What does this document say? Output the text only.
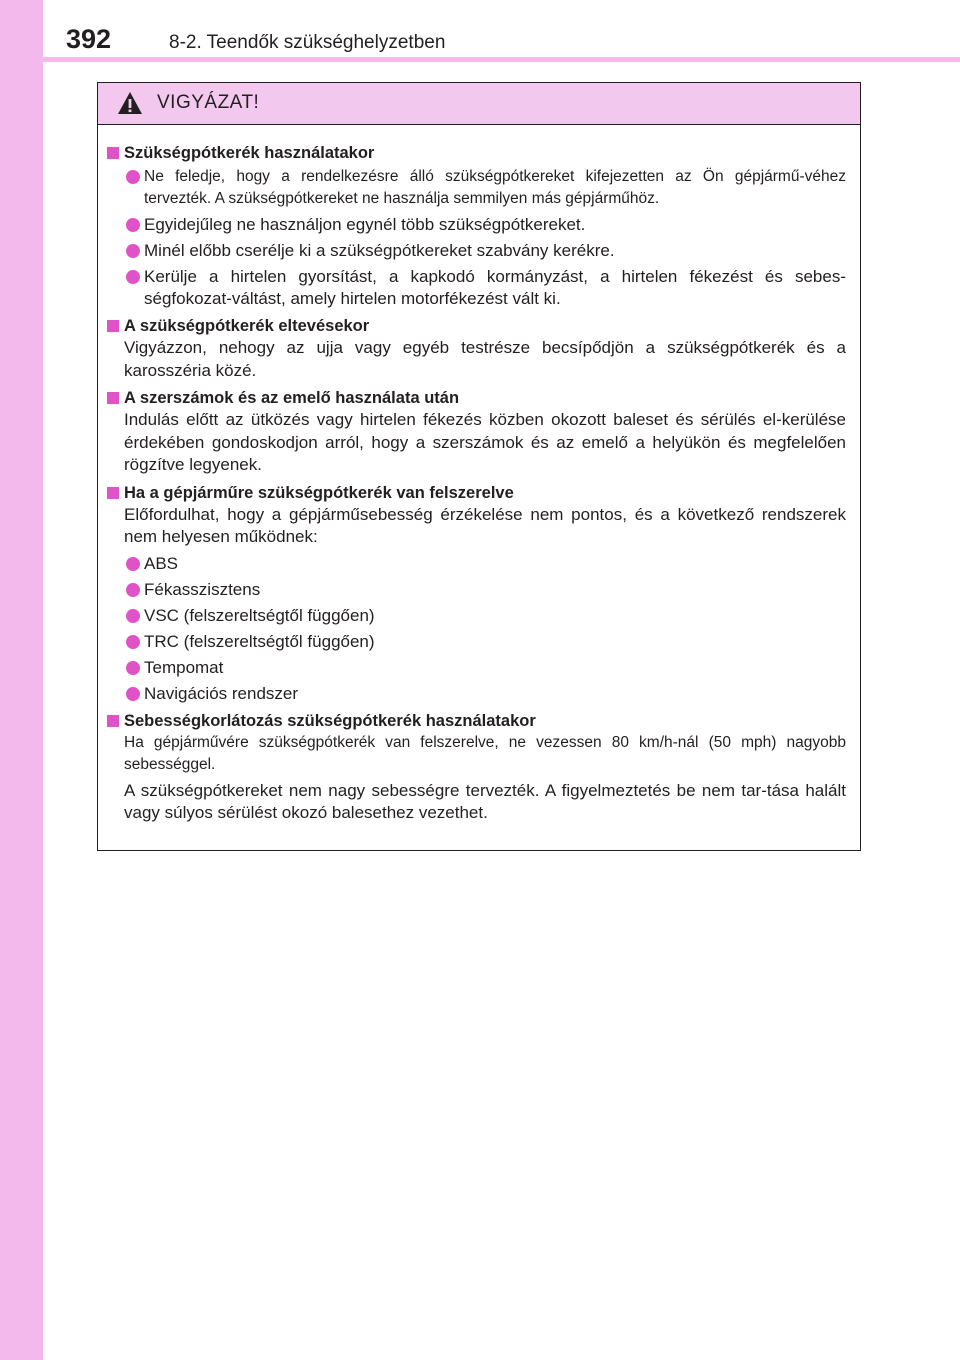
392	8-2. Teendők szükséghelyzetben
VIGYÁZAT!
Szükségpótkerék használatakor
Ne feledje, hogy a rendelkezésre álló szükségpótkereket kifejezetten az Ön gépjármű-véhez tervezték. A szükségpótkereket ne használja semmilyen más gépjárműhöz.
Egyidejűleg ne használjon egynél több szükségpótkereket.
Minél előbb cserélje ki a szükségpótkereket szabvány kerékre.
Kerülje a hirtelen gyorsítást, a kapkodó kormányzást, a hirtelen fékezést és sebes-ségfokozat-váltást, amely hirtelen motorfékezést vált ki.
A szükségpótkerék eltevésekor
Vigyázzon, nehogy az ujja vagy egyéb testrésze becsípődjön a szükségpótkerék és a karosszéria közé.
A szerszámok és az emelő használata után
Indulás előtt az ütközés vagy hirtelen fékezés közben okozott baleset és sérülés el-kerülése érdekében gondoskodjon arról, hogy a szerszámok és az emelő a helyükön és megfelelően rögzítve legyenek.
Ha a gépjárműre szükségpótkerék van felszerelve
Előfordulhat, hogy a gépjárműsebesség érzékelése nem pontos, és a következő rendszerek nem helyesen működnek:
ABS
Fékasszisztens
VSC (felszereltségtől függően)
TRC (felszereltségtől függően)
Tempomat
Navigációs rendszer
Sebességkorlátozás szükségpótkerék használatakor
Ha gépjárművére szükségpótkerék van felszerelve, ne vezessen 80 km/h-nál (50 mph) nagyobb sebességgel.
A szükségpótkereket nem nagy sebességre tervezték. A figyelmeztetés be nem tar-tása halált vagy súlyos sérülést okozó balesethez vezethet.
